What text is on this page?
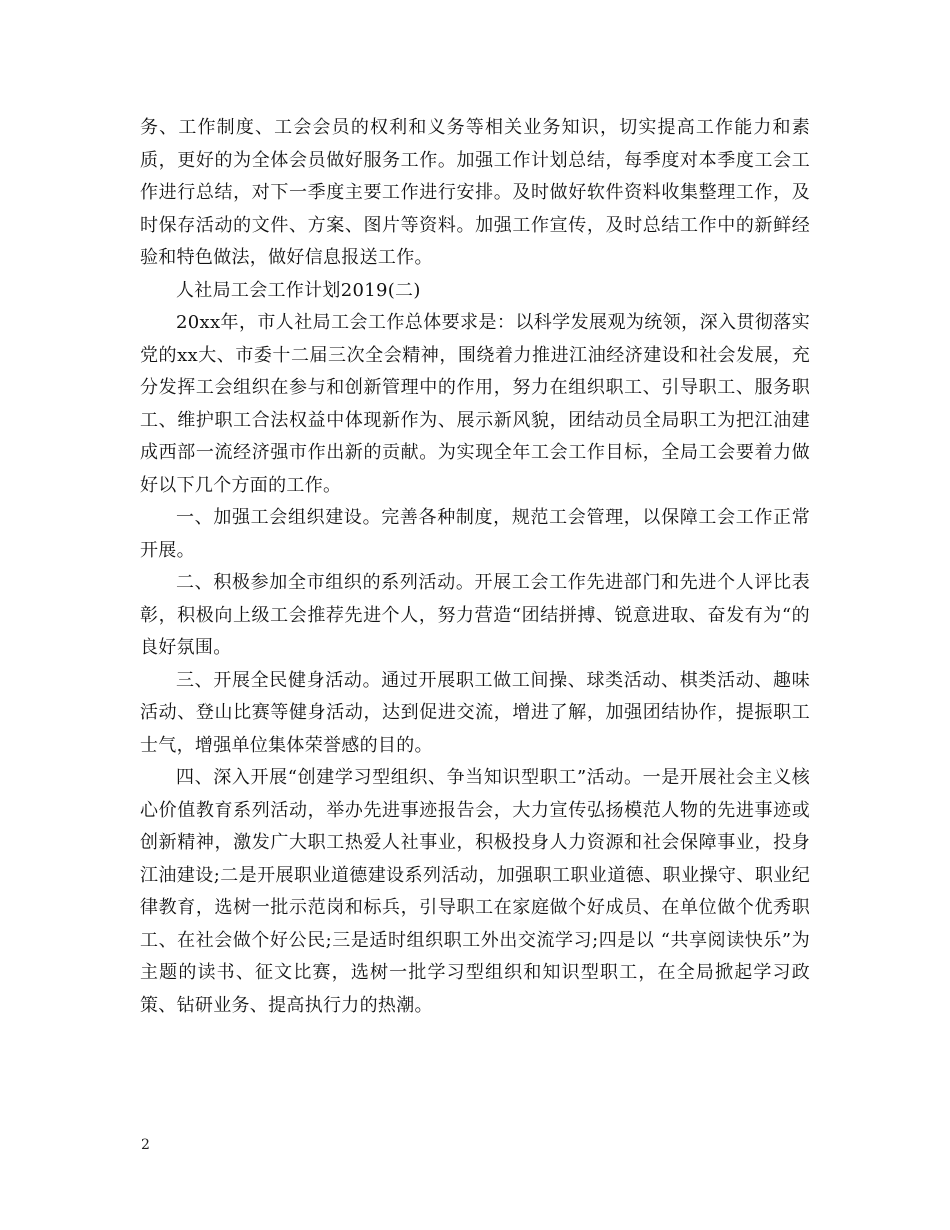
务、工作制度、工会会员的权利和义务等相关业务知识，切实提高工作能力和素质，更好的为全体会员做好服务工作。加强工作计划总结，每季度对本季度工会工作进行总结，对下一季度主要工作进行安排。及时做好软件资料收集整理工作，及时保存活动的文件、方案、图片等资料。加强工作宣传，及时总结工作中的新鲜经验和特色做法，做好信息报送工作。

人社局工会工作计划2019(二)

20xx年，市人社局工会工作总体要求是：以科学发展观为统领，深入贯彻落实党的xx大、市委十二届三次全会精神，围绕着力推进江油经济建设和社会发展，充分发挥工会组织在参与和创新管理中的作用，努力在组织职工、引导职工、服务职工、维护职工合法权益中体现新作为、展示新风貌，团结动员全局职工为把江油建成西部一流经济强市作出新的贡献。为实现全年工会工作目标，全局工会要着力做好以下几个方面的工作。

一、加强工会组织建设。完善各种制度，规范工会管理，以保障工会工作正常开展。

二、积极参加全市组织的系列活动。开展工会工作先进部门和先进个人评比表彰，积极向上级工会推荐先进个人，努力营造“团结拼搏、锐意进取、奋发有为“的良好氛围。

三、开展全民健身活动。通过开展职工做工间操、球类活动、棋类活动、趣味活动、登山比赛等健身活动，达到促进交流，增进了解，加强团结协作，提振职工士气，增强单位集体荣誉感的目的。

四、深入开展“创建学习型组织、争当知识型职工”活动。一是开展社会主义核心价值教育系列活动，举办先进事迹报告会，大力宣传弘扬模范人物的先进事迹或创新精神，激发广大职工热爱人社事业，积极投身人力资源和社会保障事业，投身江油建设;二是开展职业道德建设系列活动，加强职工职业道德、职业操守、职业纪律教育，选树一批示范岗和标兵，引导职工在家庭做个好成员、在单位做个优秀职工、在社会做个好公民;三是适时组织职工外出交流学习;四是以 “共享阅读快乐”为主题的读书、征文比赛，选树一批学习型组织和知识型职工，在全局掀起学习政策、钻研业务、提高执行力的热潮。

2
